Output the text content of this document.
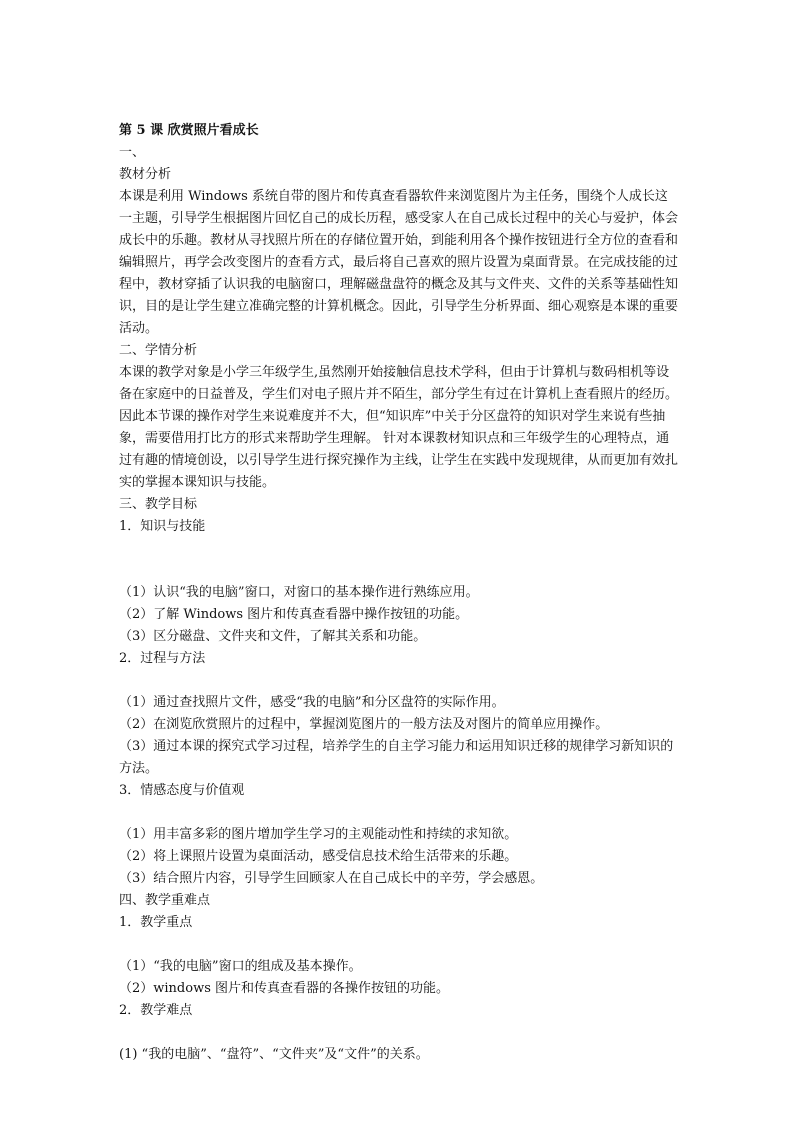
第 5 课 欣赏照片看成长
一、
教材分析
本课是利用 Windows 系统自带的图片和传真查看器软件来浏览图片为主任务，围绕个人成长这一主题，引导学生根据图片回忆自己的成长历程，感受家人在自己成长过程中的关心与爱护，体会成长中的乐趣。教材从寻找照片所在的存储位置开始，到能利用各个操作按钮进行全方位的查看和编辑照片，再学会改变图片的查看方式，最后将自己喜欢的照片设置为桌面背景。在完成技能的过程中，教材穿插了认识我的电脑窗口，理解磁盘盘符的概念及其与文件夹、文件的关系等基础性知识，目的是让学生建立准确完整的计算机概念。因此，引导学生分析界面、细心观察是本课的重要活动。
二、学情分析
本课的教学对象是小学三年级学生,虽然刚开始接触信息技术学科，但由于计算机与数码相机等设备在家庭中的日益普及，学生们对电子照片并不陌生，部分学生有过在计算机上查看照片的经历。因此本节课的操作对学生来说难度并不大，但“知识库”中关于分区盘符的知识对学生来说有些抽象，需要借用打比方的形式来帮助学生理解。 针对本课教材知识点和三年级学生的心理特点，通过有趣的情境创设，以引导学生进行探究操作为主线，让学生在实践中发现规律，从而更加有效扎实的掌握本课知识与技能。
三、教学目标
1．知识与技能
（1）认识“我的电脑”窗口，对窗口的基本操作进行熟练应用。
（2）了解 Windows 图片和传真查看器中操作按钮的功能。
（3）区分磁盘、文件夹和文件，了解其关系和功能。
2．过程与方法
（1）通过查找照片文件，感受“我的电脑”和分区盘符的实际作用。
（2）在浏览欣赏照片的过程中，掌握浏览图片的一般方法及对图片的简单应用操作。
（3）通过本课的探究式学习过程，培养学生的自主学习能力和运用知识迁移的规律学习新知识的方法。
3．情感态度与价值观
（1）用丰富多彩的图片增加学生学习的主观能动性和持续的求知欲。
（2）将上课照片设置为桌面活动，感受信息技术给生活带来的乐趣。
（3）结合照片内容，引导学生回顾家人在自己成长中的辛劳，学会感恩。
四、教学重难点
1．教学重点
（1）“我的电脑”窗口的组成及基本操作。
（2）windows 图片和传真查看器的各操作按钮的功能。
2．教学难点
(1) “我的电脑”、“盘符”、“文件夹”及“文件”的关系。
